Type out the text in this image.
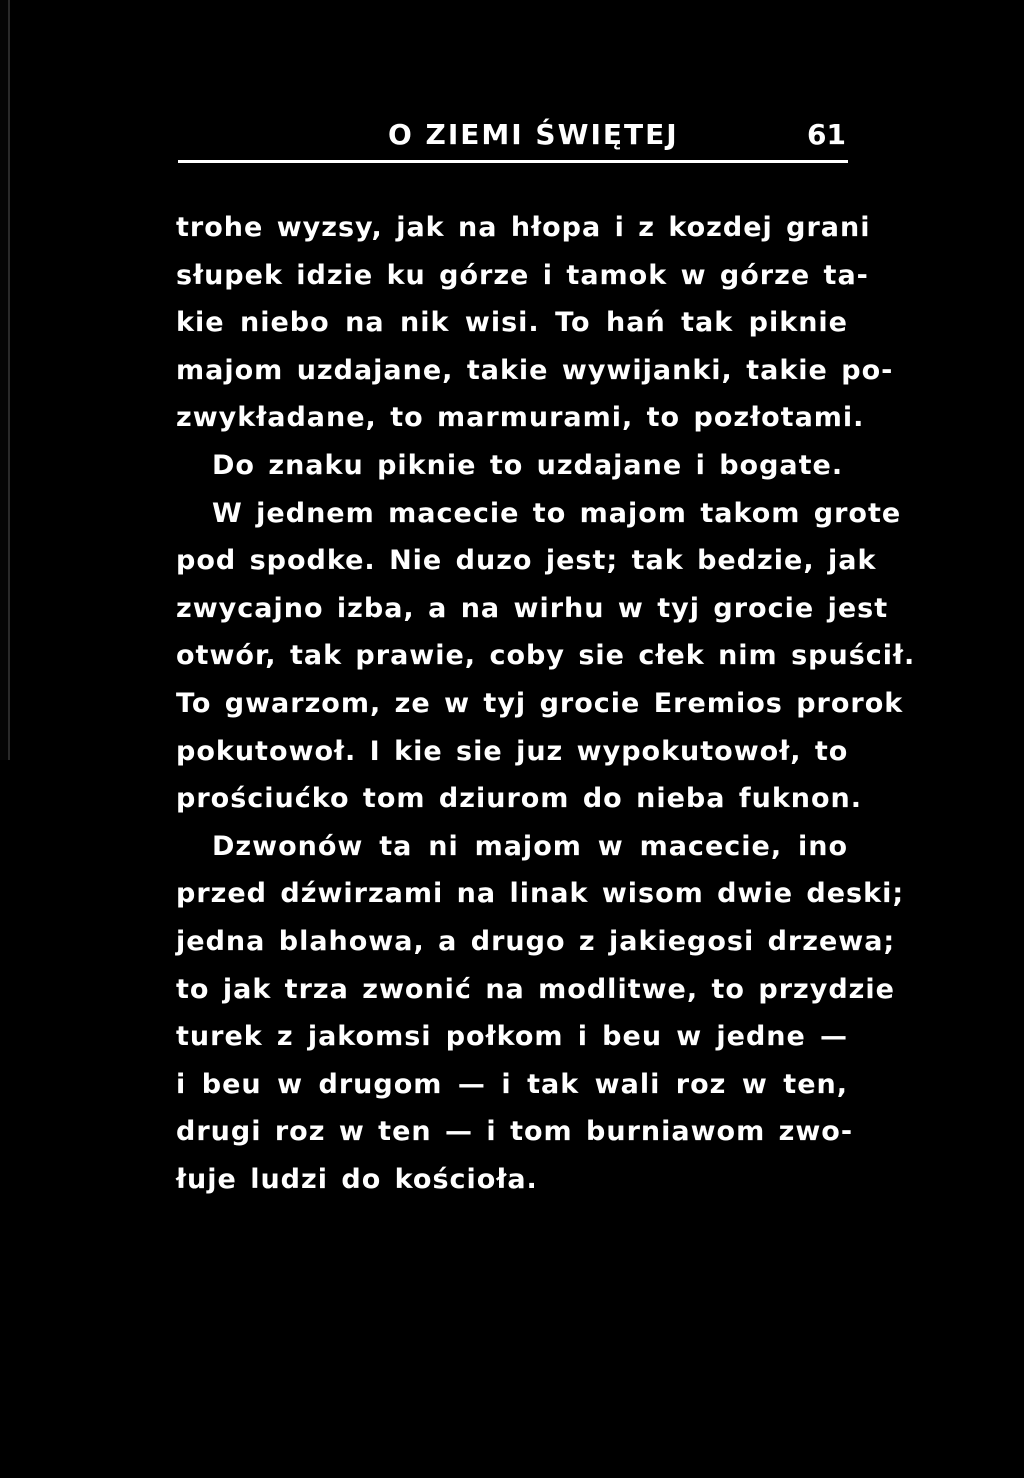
O ZIEMI ŚWIĘTEJ	61
trohe wyzsy, jak na hłopa i z kozdej grani
słupek idzie ku górze i tamok w górze ta-
kie niebo na nik wisi. To hań tak piknie
majom uzdajane, takie wywijanki, takie po-
zwykładane, to marmurami, to pozłotami.
Do znaku piknie to uzdajane i bogate.
W jednem macecie to majom takom grote
pod spodke. Nie duzo jest; tak bedzie, jak
zwycajno izba, a na wirhu w tyj grocie jest
otwór, tak prawie, coby sie cłek nim spuścił.
To gwarzom, ze w tyj grocie Eremios prorok
pokutowoł. I kie sie juz wypokutowoł, to
prościućko tom dziurom do nieba fuknon.
Dzwonów ta ni majom w macecie, ino
przed dźwirzami na linak wisom dwie deski;
jedna blahowa, a drugo z jakiegosi drzewa;
to jak trza zwonić na modlitwe, to przydzie
turek z jakomsi połkom i beu w jedne —
i beu w drugom — i tak wali roz w ten,
drugi roz w ten — i tom burniawom zwo-
łuje ludzi do kościoła.
